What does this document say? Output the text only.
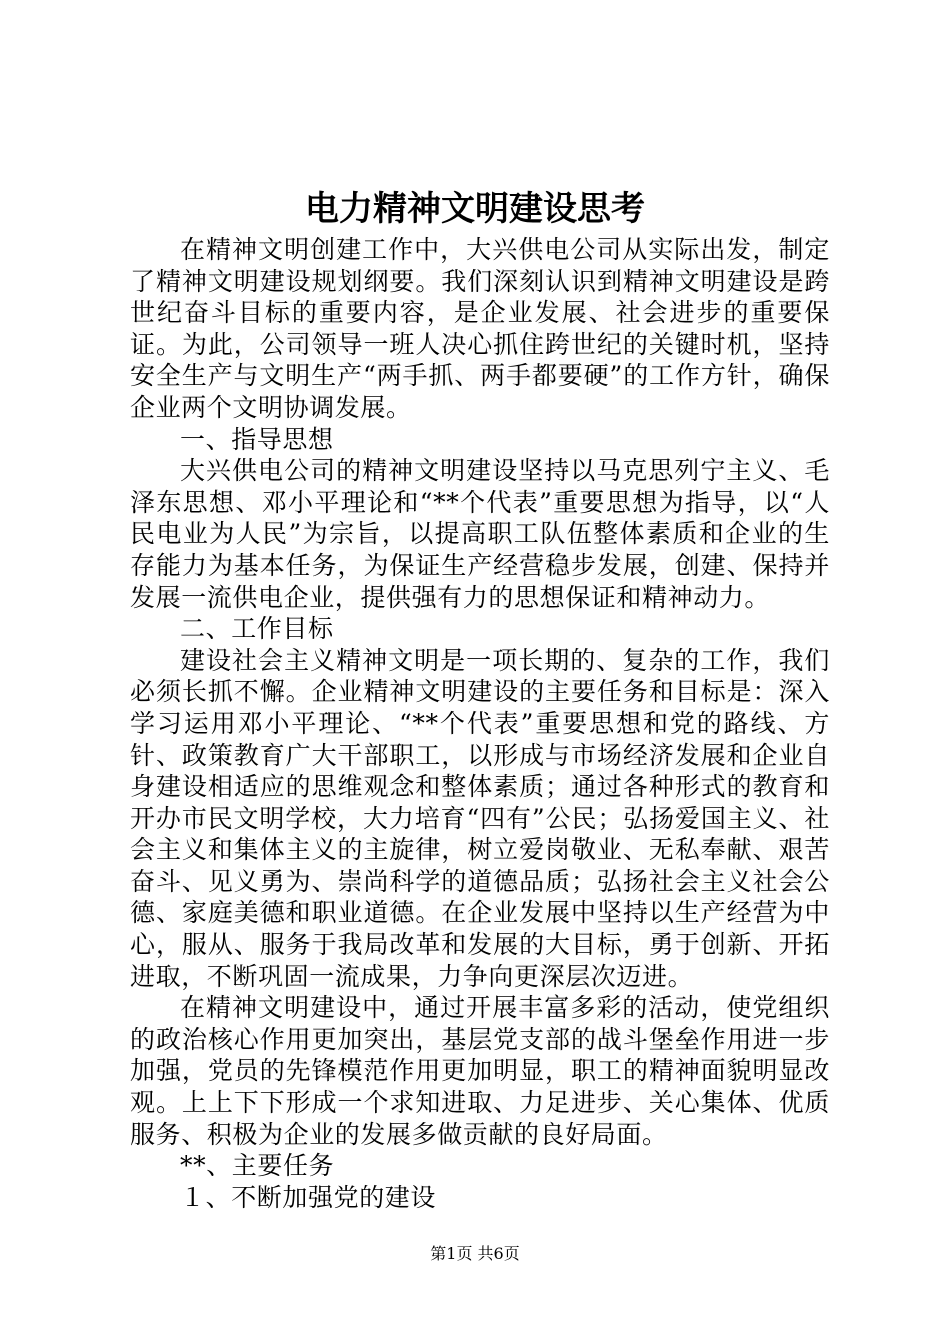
电力精神文明建设思考

在精神文明创建工作中，大兴供电公司从实际出发，制定了精神文明建设规划纲要。我们深刻认识到精神文明建设是跨世纪奋斗目标的重要内容，是企业发展、社会进步的重要保证。为此，公司领导一班人决心抓住跨世纪的关键时机，坚持安全生产与文明生产“两手抓、两手都要硬”的工作方针，确保企业两个文明协调发展。

一、指导思想

大兴供电公司的精神文明建设坚持以马克思列宁主义、毛泽东思想、邓小平理论和“**个代表”重要思想为指导，以“人民电业为人民”为宗旨，以提高职工队伍整体素质和企业的生存能力为基本任务，为保证生产经营稳步发展，创建、保持并发展一流供电企业，提供强有力的思想保证和精神动力。

二、工作目标

建设社会主义精神文明是一项长期的、复杂的工作，我们必须长抓不懈。企业精神文明建设的主要任务和目标是：深入学习运用邓小平理论、“**个代表”重要思想和党的路线、方针、政策教育广大干部职工，以形成与市场经济发展和企业自身建设相适应的思维观念和整体素质；通过各种形式的教育和开办市民文明学校，大力培育“四有”公民；弘扬爱国主义、社会主义和集体主义的主旋律，树立爱岗敬业、无私奉献、艰苦奋斗、见义勇为、崇尚科学的道德品质；弘扬社会主义社会公德、家庭美德和职业道德。在企业发展中坚持以生产经营为中心，服从、服务于我局改革和发展的大目标，勇于创新、开拓进取，不断巩固一流成果，力争向更深层次迈进。

在精神文明建设中，通过开展丰富多彩的活动，使党组织的政治核心作用更加突出，基层党支部的战斗堡垒作用进一步加强，党员的先锋模范作用更加明显，职工的精神面貌明显改观。上上下下形成一个求知进取、力足进步、关心集体、优质服务、积极为企业的发展多做贡献的良好局面。

**、主要任务

１、不断加强党的建设

第1页 共6页
